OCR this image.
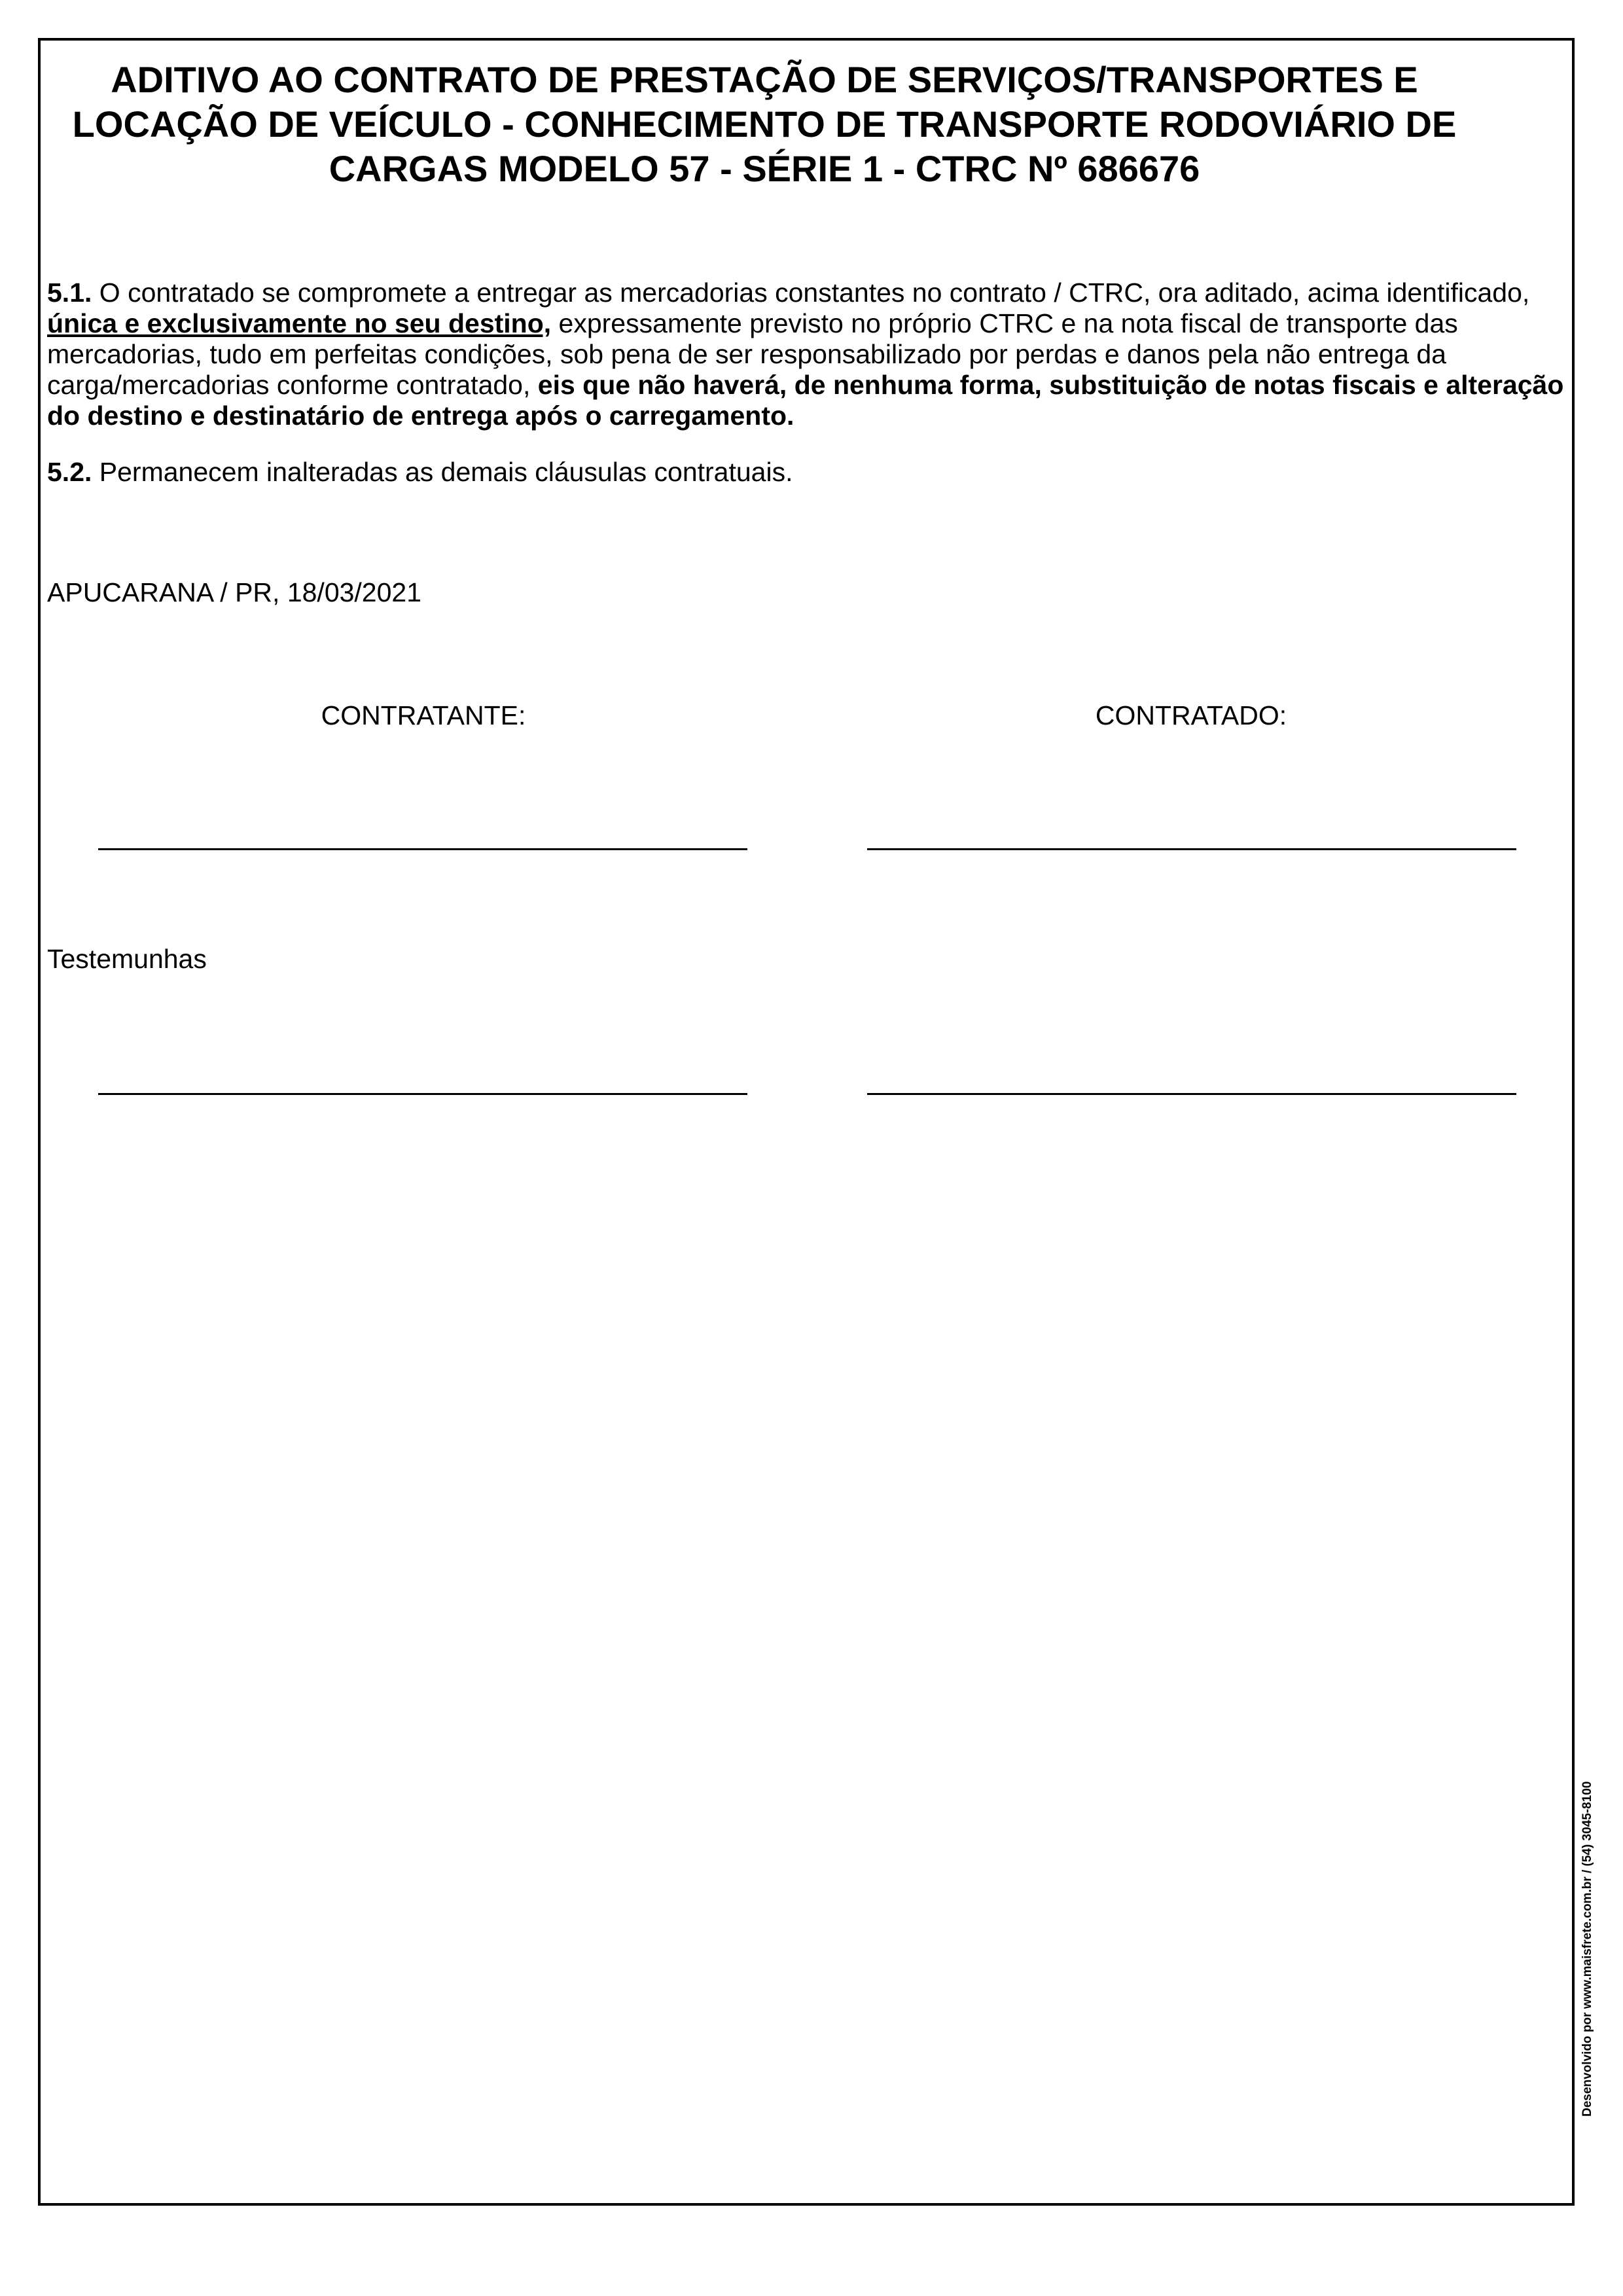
ADITIVO AO CONTRATO DE PRESTAÇÃO DE SERVIÇOS/TRANSPORTES E
LOCAÇÃO DE VEÍCULO - CONHECIMENTO DE TRANSPORTE RODOVIÁRIO DE
CARGAS MODELO 57 - SÉRIE 1 - CTRC Nº 686676

5.1. O contratado se compromete a entregar as mercadorias constantes no contrato / CTRC, ora aditado, acima identificado,
única e exclusivamente no seu destino, expressamente previsto no próprio CTRC e na nota fiscal de transporte das
mercadorias, tudo em perfeitas condições, sob pena de ser responsabilizado por perdas e danos pela não entrega da
carga/mercadorias conforme contratado, eis que não haverá, de nenhuma forma, substituição de notas fiscais e alteração
do destino e destinatário de entrega após o carregamento.

5.2. Permanecem inalteradas as demais cláusulas contratuais.

APUCARANA / PR, 18/03/2021

CONTRATANTE:	CONTRATADO:

Testemunhas

Desenvolvido por www.maisfrete.com.br / (54) 3045-8100
